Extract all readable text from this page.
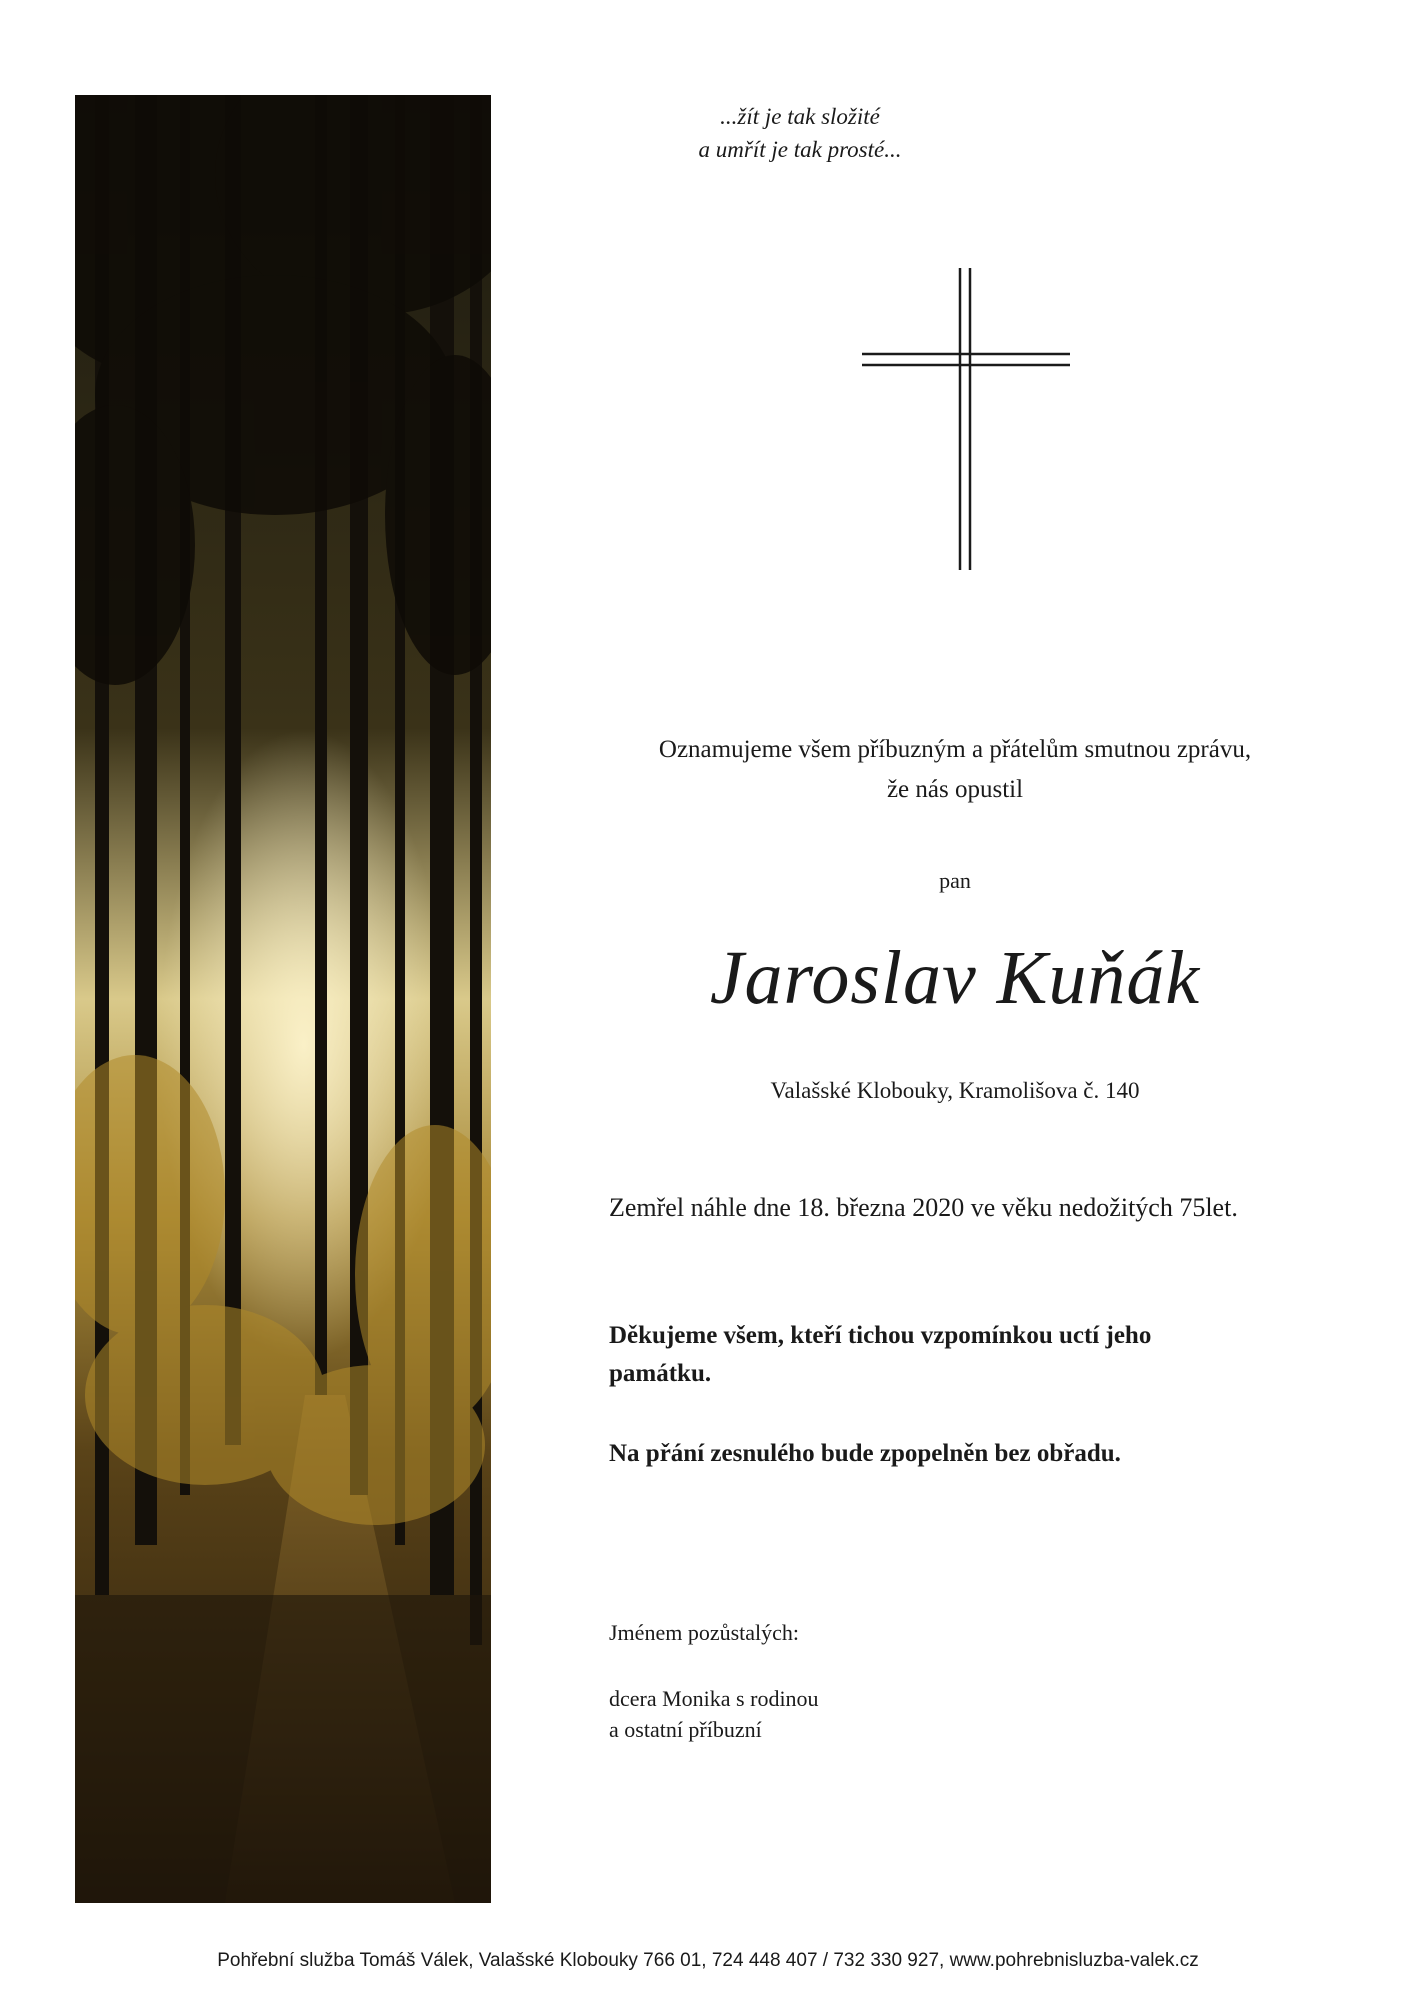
...žít je tak složité
a umřít je tak prosté...
Oznamujeme všem příbuzným a přátelům smutnou zprávu,
že nás opustil
pan
Jaroslav Kuňák
Valašské Klobouky, Kramolišova č. 140
Zemřel náhle dne 18. března 2020 ve věku nedožitých 75let.
Děkujeme všem, kteří tichou vzpomínkou uctí jeho památku.
Na přání zesnulého bude zpopelněn bez obřadu.
Jménem pozůstalých:
dcera Monika s rodinou
a ostatní příbuzní
Pohřební služba Tomáš Válek, Valašské Klobouky 766 01, 724 448 407 / 732 330 927, www.pohrebnisluzba-valek.cz
